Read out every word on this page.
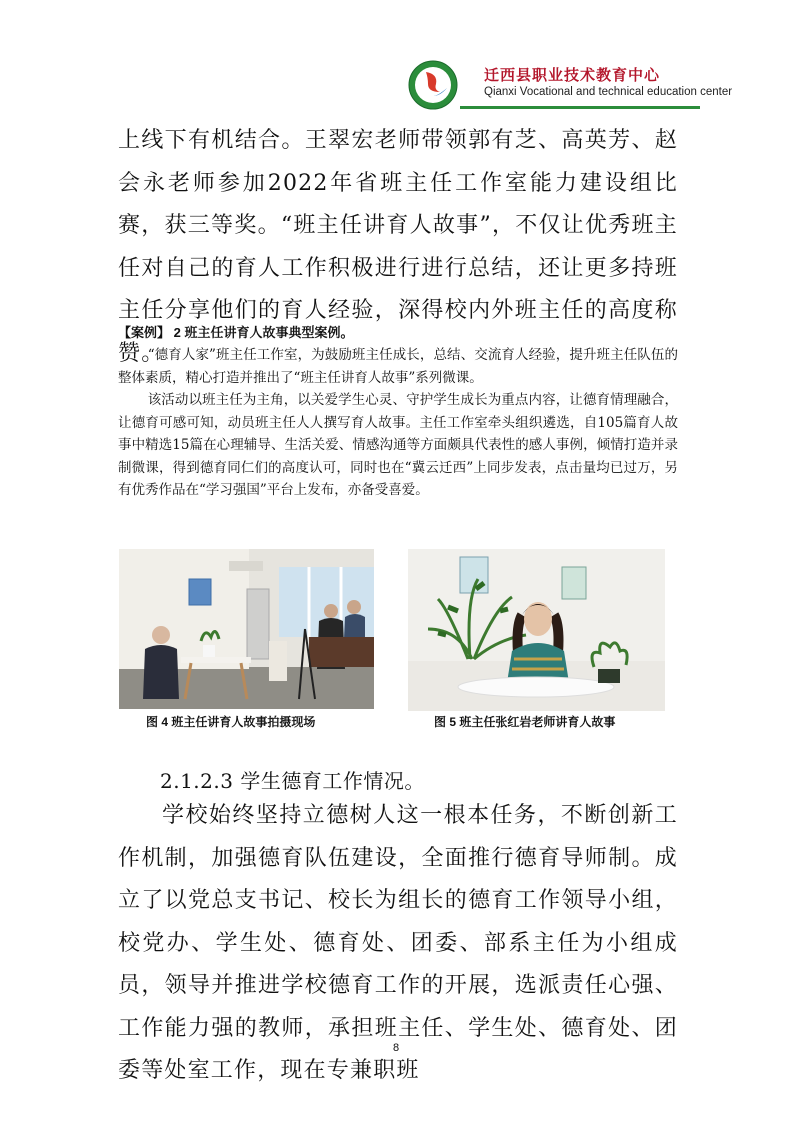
迁西县职业技术教育中心
Qianxi Vocational and technical education center

上线下有机结合。王翠宏老师带领郭有芝、高英芳、赵会永老师参加2022年省班主任工作室能力建设组比赛，获三等奖。“班主任讲育人故事”，不仅让优秀班主任对自己的育人工作积极进行进行总结，还让更多持班主任分享他们的育人经验，深得校内外班主任的高度称赞。

【案例】 2 班主任讲育人故事典型案例。

“德育人家”班主任工作室，为鼓励班主任成长，总结、交流育人经验，提升班主任队伍的整体素质，精心打造并推出了“班主任讲育人故事”系列微课。

该活动以班主任为主角，以关爱学生心灵、守护学生成长为重点内容，让德育情理融合，让德育可感可知，动员班主任人人撰写育人故事。主任工作室牵头组织遴选，自105篇育人故事中精选15篇在心理辅导、生活关爱、情感沟通等方面颇具代表性的感人事例，倾情打造并录制微课，得到德育同仁们的高度认可，同时也在“冀云迁西”上同步发表，点击量均已过万，另有优秀作品在“学习强国”平台上发布，亦备受喜爱。

图 4 班主任讲育人故事拍摄现场	图 5 班主任张红岩老师讲育人故事

2.1.2.3 学生德育工作情况。

学校始终坚持立德树人这一根本任务，不断创新工作机制，加强德育队伍建设，全面推行德育导师制。成立了以党总支书记、校长为组长的德育工作领导小组，校党办、学生处、德育处、团委、部系主任为小组成员，领导并推进学校德育工作的开展，选派责任心强、工作能力强的教师，承担班主任、学生处、德育处、团委等处室工作，现在专兼职班

8
